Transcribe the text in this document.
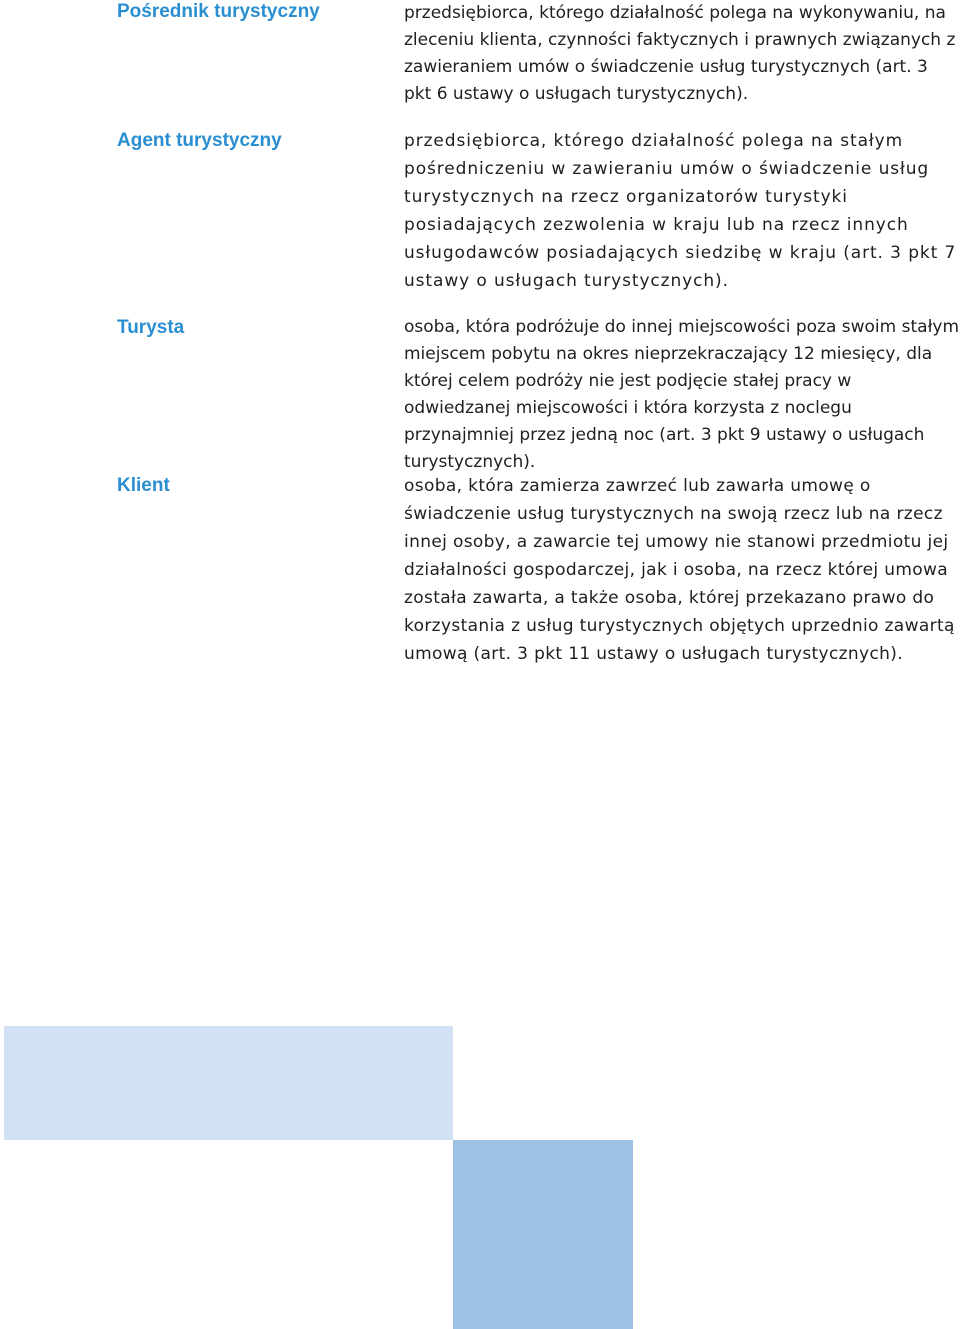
Pośrednik turystyczny	przedsiębiorca, którego działalność polega na wykonywaniu, na zleceniu klienta, czynności faktycznych i prawnych związanych z zawieraniem umów o świadczenie usług turystycznych (art. 3 pkt 6 ustawy o usługach turystycznych).

Agent turystyczny	przedsiębiorca, którego działalność polega na stałym pośredniczeniu w zawieraniu umów o świadczenie usług turystycznych na rzecz organizatorów turystyki posiadających zezwolenia w kraju lub na rzecz innych usługodawców posiadających siedzibę w kraju (art. 3 pkt 7 ustawy o usługach turystycznych).

Turysta	osoba, która podróżuje do innej miejscowości poza swoim stałym miejscem pobytu na okres nieprzekraczający 12 miesięcy, dla której celem podróży nie jest podjęcie stałej pracy w odwiedzanej miejscowości i która korzysta z noclegu przynajmniej przez jedną noc (art. 3 pkt 9 ustawy o usługach turystycznych).

Klient	osoba, która zamierza zawrzeć lub zawarła umowę o świadczenie usług turystycznych na swoją rzecz lub na rzecz innej osoby, a zawarcie tej umowy nie stanowi przedmiotu jej działalności gospodarczej, jak i osoba, na rzecz której umowa została zawarta, a także osoba, której przekazano prawo do korzystania z usług turystycznych objętych uprzednio zawartą umową (art. 3 pkt 11 ustawy o usługach turystycznych).
